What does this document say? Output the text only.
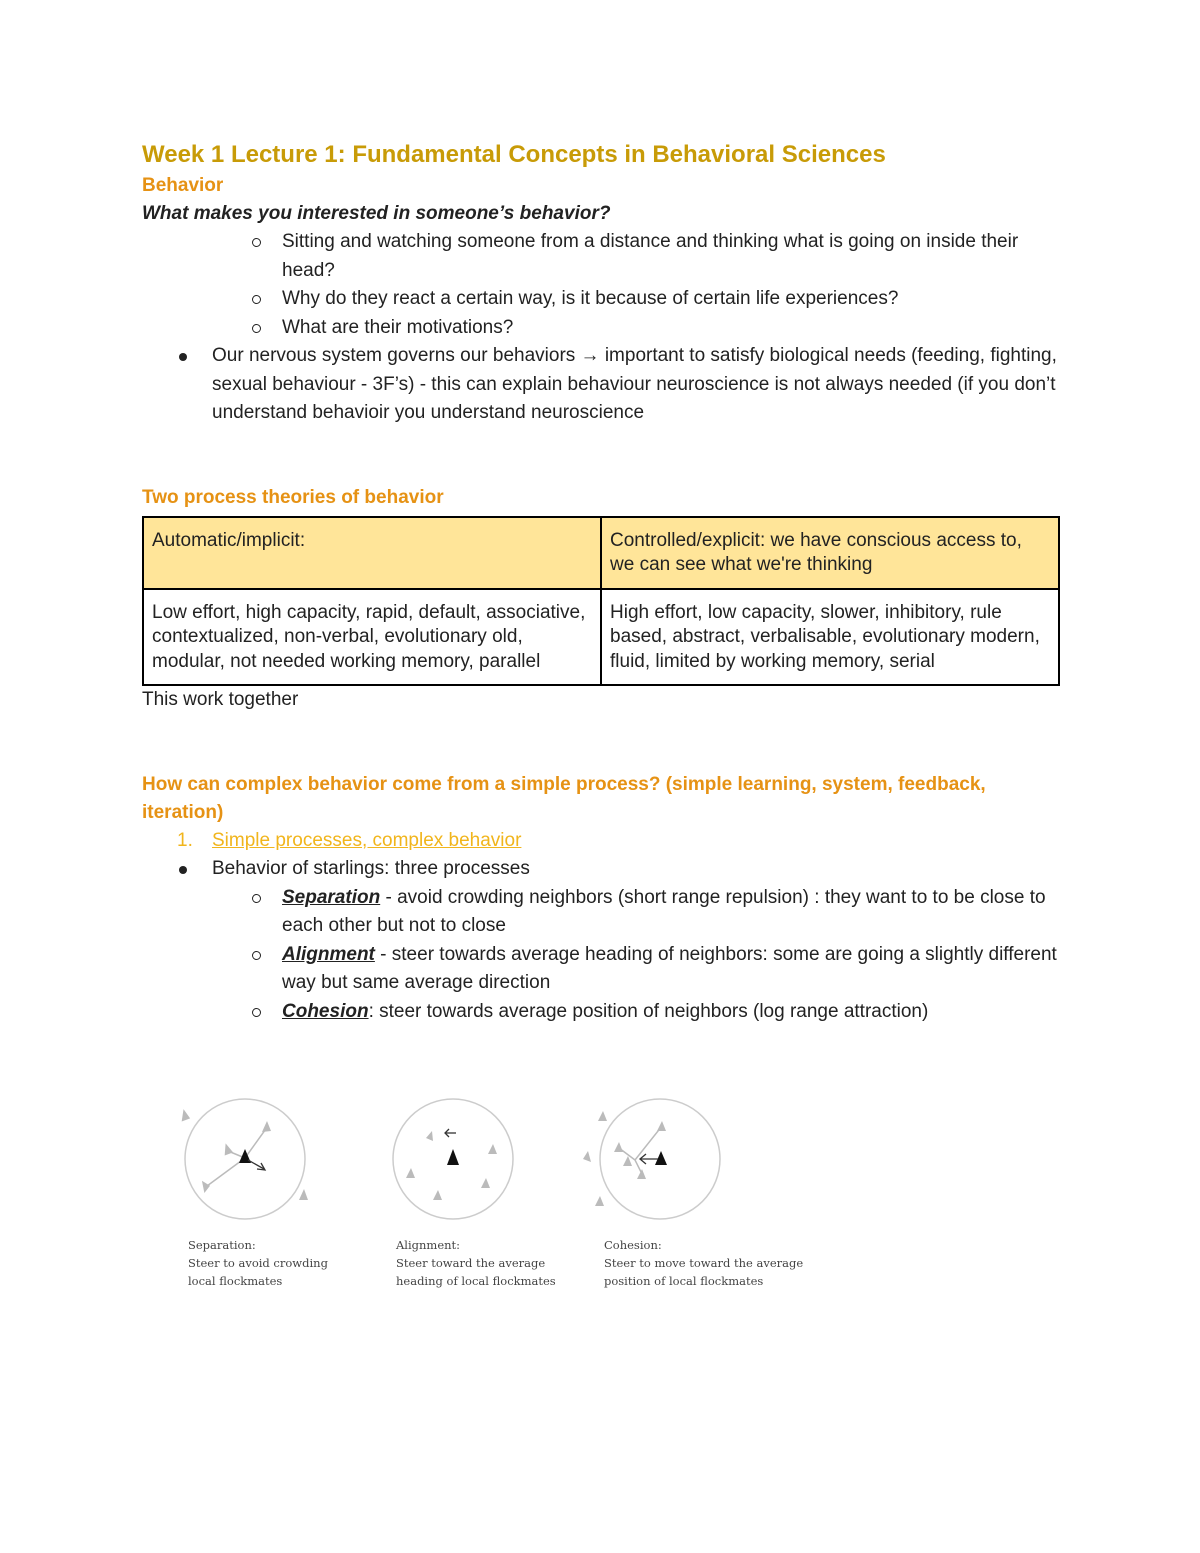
Week 1 Lecture 1: Fundamental Concepts in Behavioral Sciences
Behavior

What makes you interested in someone’s behavior?

Sitting and watching someone from a distance and thinking what is going on inside their head?
Why do they react a certain way, is it because of certain life experiences?
What are their motivations?
Our nervous system governs our behaviors → important to satisfy biological needs (feeding, fighting, sexual behaviour - 3F’s) - this can explain behaviour neuroscience is not always needed (if you don’t understand behavioir you understand neuroscience
Two process theories of behavior
Automatic/implicit:	Controlled/explicit: we have conscious access to, we can see what we're thinking
Low effort, high capacity, rapid, default, associative, contextualized, non-verbal, evolutionary old, modular, not needed working memory, parallel	High effort, low capacity, slower, inhibitory, rule based, abstract, verbalisable, evolutionary modern, fluid, limited by working memory, serial
This work together
How can complex behavior come from a simple process? (simple learning, system, feedback, iteration)
1. Simple processes, complex behavior
Behavior of starlings: three processes
Separation - avoid crowding neighbors (short range repulsion) : they want to to be close to each other but not to close
Alignment - steer towards average heading of neighbors: some are going a slightly different way but same average direction
Cohesion: steer towards average position of neighbors (log range attraction)
Separation:
Steer to avoid crowding
local flockmates
Alignment:
Steer toward the average
heading of local flockmates
Cohesion:
Steer to move toward the average
position of local flockmates
